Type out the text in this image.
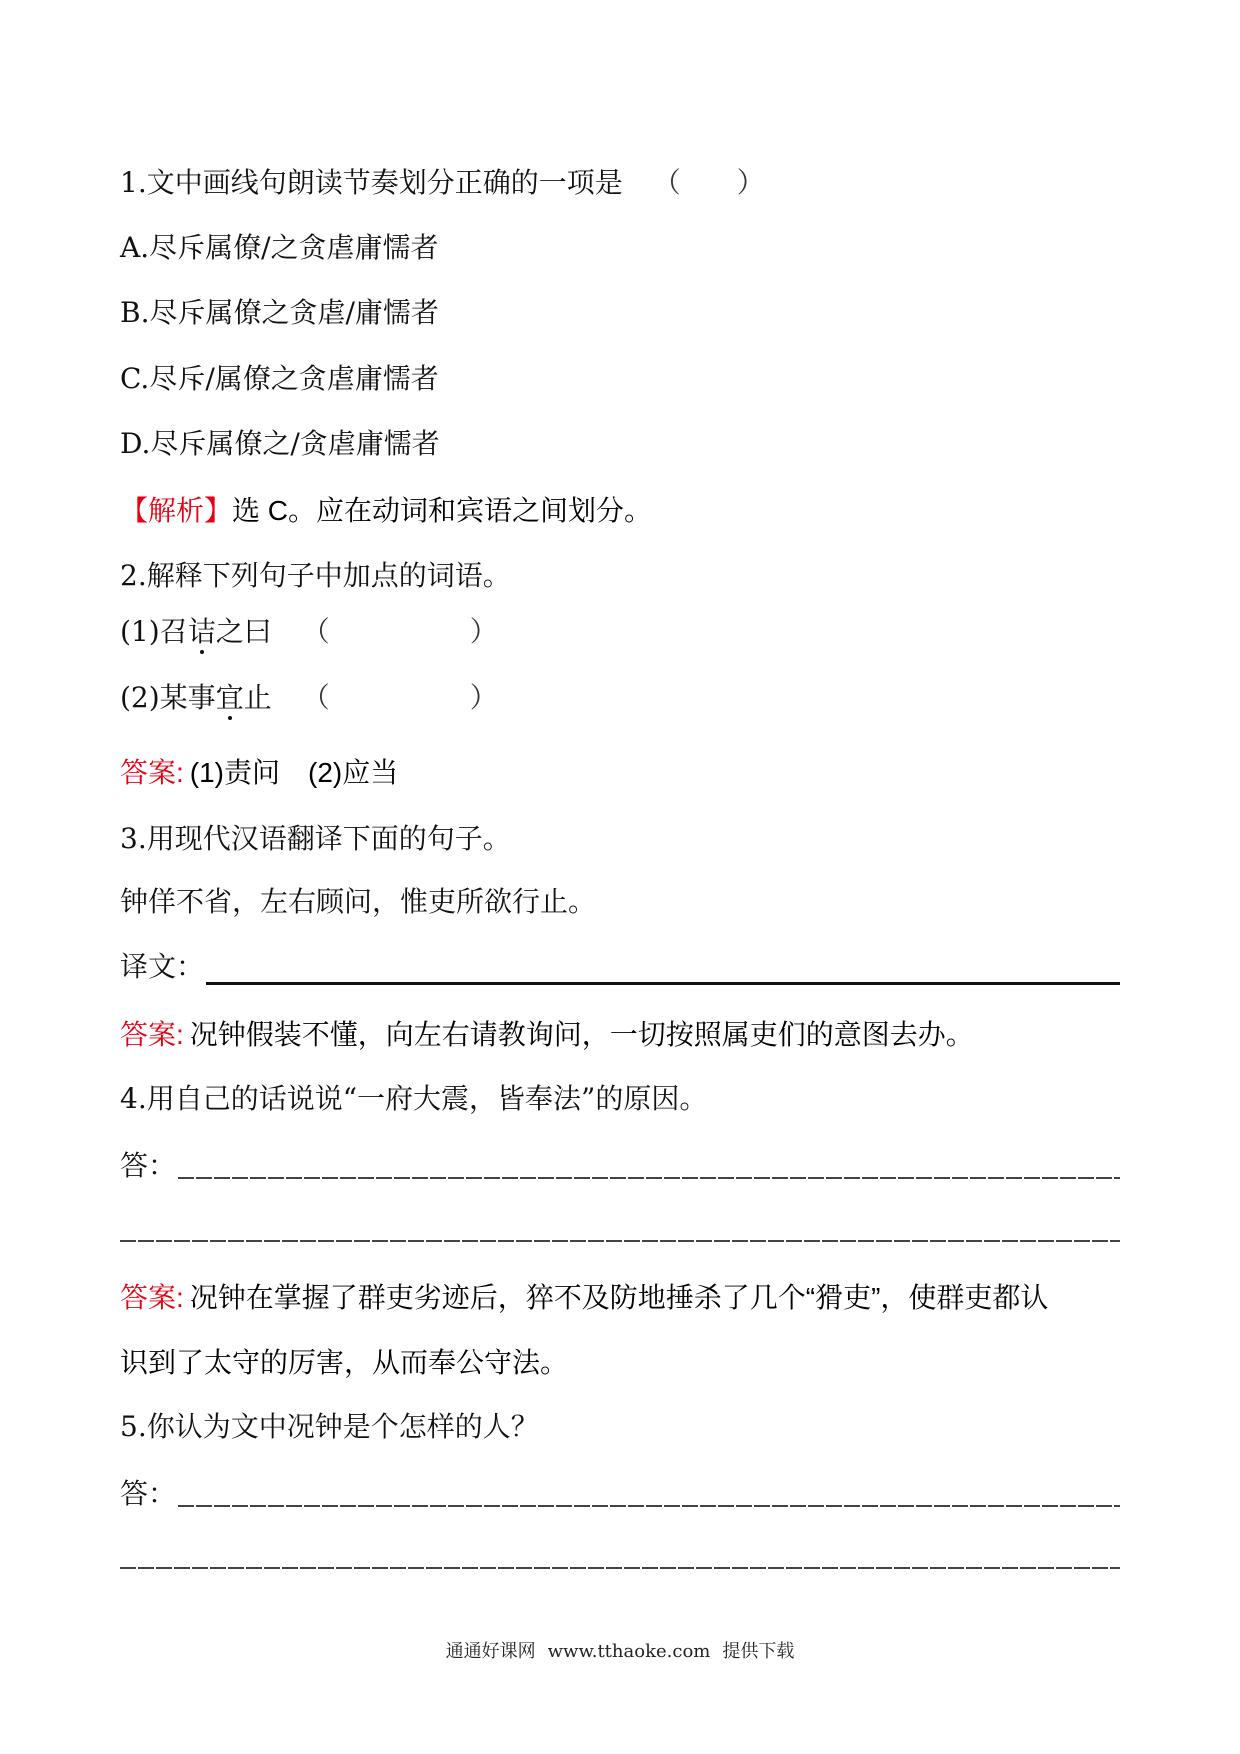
1.文中画线句朗读节奏划分正确的一项是 （　　）
A.尽斥属僚/之贪虐庸懦者
B.尽斥属僚之贪虐/庸懦者
C.尽斥/属僚之贪虐庸懦者
D.尽斥属僚之/贪虐庸懦者
【解析】选 C。应在动词和宾语之间划分。
2.解释下列句子中加点的词语。
(1)召诘之曰 （　　　　　）
(2)某事宜止 （　　　　　）
答案: (1)责问　(2)应当
3.用现代汉语翻译下面的句子。
钟佯不省，左右顾问，惟吏所欲行止。
译文：
答案: 况钟假装不懂，向左右请教询问，一切按照属吏们的意图去办。
4.用自己的话说说“一府大震，皆奉法”的原因。
答：
答案: 况钟在掌握了群吏劣迹后，猝不及防地捶杀了几个“猾吏”，使群吏都认
识到了太守的厉害，从而奉公守法。
5.你认为文中况钟是个怎样的人？
答：
通通好课网 www.tthaoke.com 提供下载
